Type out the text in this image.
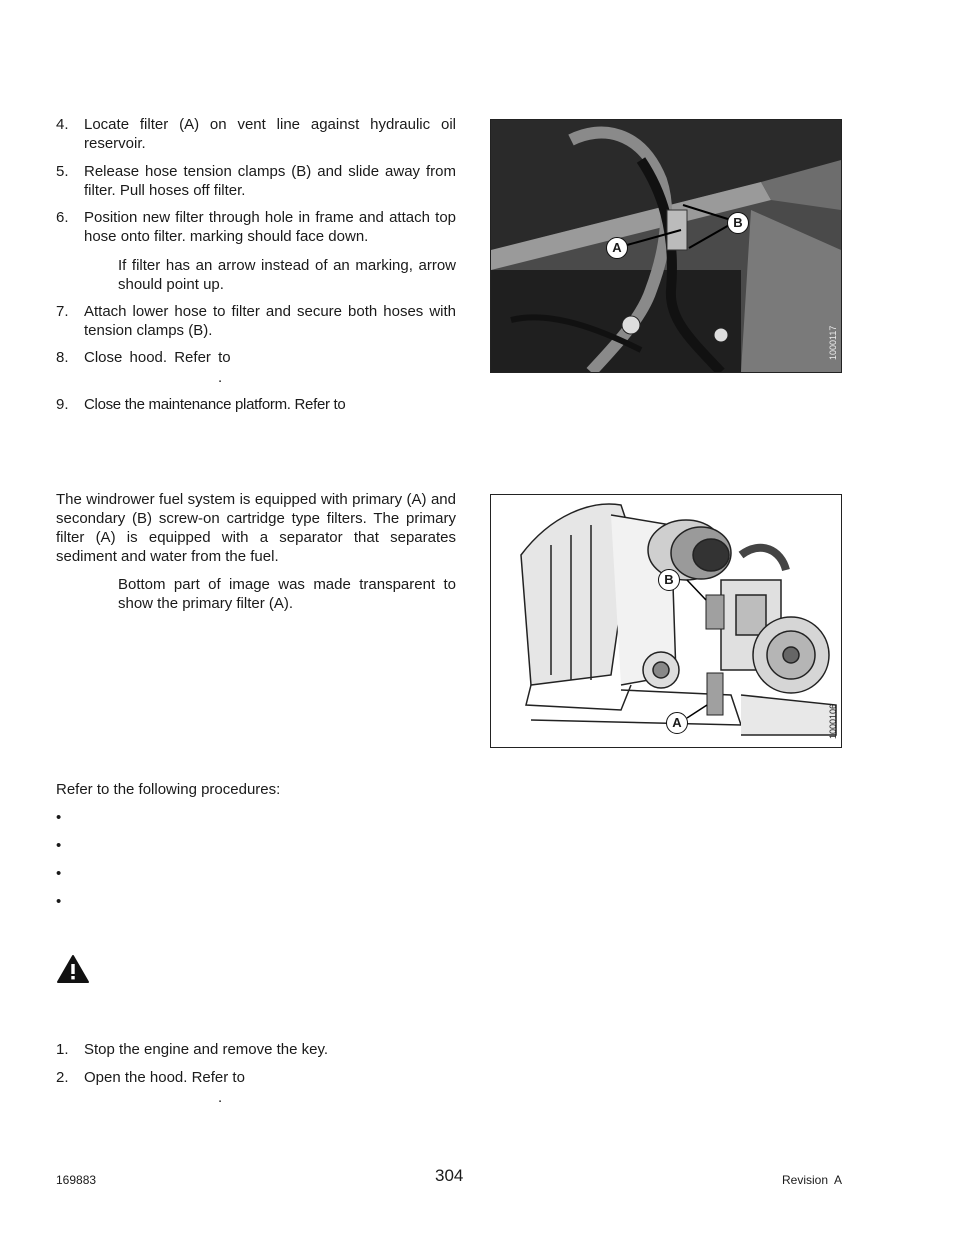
4.	Locate filter (A) on vent line against hydraulic oil reservoir.
5.	Release hose tension clamps (B) and slide away from filter. Pull hoses off filter.
6.	Position new filter through hole in frame and attach top hose onto filter. marking should face down.
If filter has an arrow instead of an marking, arrow should point up.
7.	Attach lower hose to filter and secure both hoses with tension clamps (B).
8.	Close hood. Refer to
.
9.	Close the maintenance platform. Refer to
A
B
1000117
The windrower fuel system is equipped with primary (A) and secondary (B) screw-on cartridge type filters. The primary filter (A) is equipped with a separator that separates sediment and water from the fuel.
Bottom part of image was made transparent to show the primary filter (A).
B
A	1000106
Refer to the following procedures:
•
•
•
•
1.	Stop the engine and remove the key.
2.	Open the hood. Refer to
.
169883	304	Revision  A
